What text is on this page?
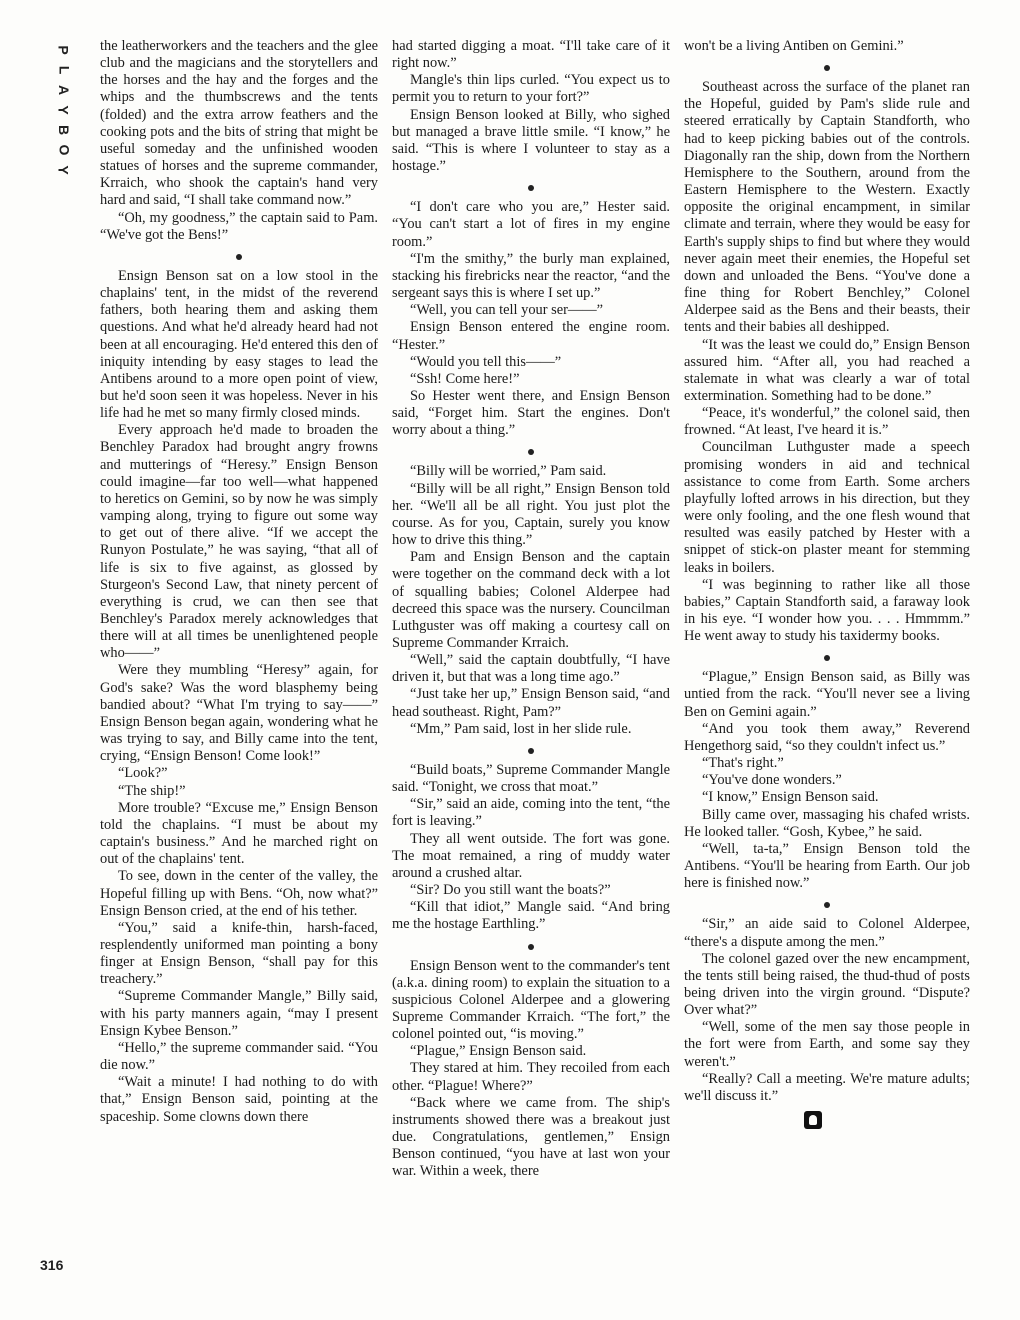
P
L
A
Y
B
O
Y
316

the leatherworkers and the teachers and the glee club and the magicians and the storytellers and the horses and the hay and the forges and the whips and the thumbscrews and the tents (folded) and the extra arrow feathers and the cooking pots and the bits of string that might be useful someday and the unfinished wooden statues of horses and the supreme commander, Krraich, who shook the captain's hand very hard and said, “I shall take command now.”

“Oh, my goodness,” the captain said to Pam. “We've got the Bens!”

Ensign Benson sat on a low stool in the chaplains' tent, in the midst of the reverend fathers, both hearing them and asking them questions. And what he'd already heard had not been at all encouraging. He'd entered this den of iniquity intending by easy stages to lead the Antibens around to a more open point of view, but he'd soon seen it was hopeless. Never in his life had he met so many firmly closed minds.

Every approach he'd made to broaden the Benchley Paradox had brought angry frowns and mutterings of “Heresy.” Ensign Benson could imagine—far too well—what happened to heretics on Gemini, so by now he was simply vamping along, trying to figure out some way to get out of there alive. “If we accept the Runyon Postulate,” he was saying, “that all of life is six to five against, as glossed by Sturgeon's Second Law, that ninety percent of everything is crud, we can then see that Benchley's Paradox merely acknowledges that there will at all times be unenlightened people who——”

Were they mumbling “Heresy” again, for God's sake? Was the word blasphemy being bandied about? “What I'm trying to say——” Ensign Benson began again, wondering what he was trying to say, and Billy came into the tent, crying, “Ensign Benson! Come look!”

“Look?”

“The ship!”

More trouble? “Excuse me,” Ensign Benson told the chaplains. “I must be about my captain's business.” And he marched right on out of the chaplains' tent.

To see, down in the center of the valley, the Hopeful filling up with Bens. “Oh, now what?” Ensign Benson cried, at the end of his tether.

“You,” said a knife-thin, harsh-faced, resplendently uniformed man pointing a bony finger at Ensign Benson, “shall pay for this treachery.”

“Supreme Commander Mangle,” Billy said, with his party manners again, “may I present Ensign Kybee Benson.”

“Hello,” the supreme commander said. “You die now.”

“Wait a minute! I had nothing to do with that,” Ensign Benson said, pointing at the spaceship. Some clowns down there

had started digging a moat. “I'll take care of it right now.”

Mangle's thin lips curled. “You expect us to permit you to return to your fort?”

Ensign Benson looked at Billy, who sighed but managed a brave little smile. “I know,” he said. “This is where I volunteer to stay as a hostage.”

“I don't care who you are,” Hester said. “You can't start a lot of fires in my engine room.”

“I'm the smithy,” the burly man explained, stacking his firebricks near the reactor, “and the sergeant says this is where I set up.”

“Well, you can tell your ser——”

Ensign Benson entered the engine room. “Hester.”

“Would you tell this——”

“Ssh! Come here!”

So Hester went there, and Ensign Benson said, “Forget him. Start the engines. Don't worry about a thing.”

“Billy will be worried,” Pam said.

“Billy will be all right,” Ensign Benson told her. “We'll all be all right. You just plot the course. As for you, Captain, surely you know how to drive this thing.”

Pam and Ensign Benson and the captain were together on the command deck with a lot of squalling babies; Colonel Alderpee had decreed this space was the nursery. Councilman Luthguster was off making a courtesy call on Supreme Commander Krraich.

“Well,” said the captain doubtfully, “I have driven it, but that was a long time ago.”

“Just take her up,” Ensign Benson said, “and head southeast. Right, Pam?”

“Mm,” Pam said, lost in her slide rule.

“Build boats,” Supreme Commander Mangle said. “Tonight, we cross that moat.”

“Sir,” said an aide, coming into the tent, “the fort is leaving.”

They all went outside. The fort was gone. The moat remained, a ring of muddy water around a crushed altar.

“Sir? Do you still want the boats?”

“Kill that idiot,” Mangle said. “And bring me the hostage Earthling.”

Ensign Benson went to the commander's tent (a.k.a. dining room) to explain the situation to a suspicious Colonel Alderpee and a glowering Supreme Commander Krraich. “The fort,” the colonel pointed out, “is moving.”

“Plague,” Ensign Benson said.

They stared at him. They recoiled from each other. “Plague! Where?”

“Back where we came from. The ship's instruments showed there was a breakout just due. Congratulations, gentlemen,” Ensign Benson continued, “you have at last won your war. Within a week, there

won't be a living Antiben on Gemini.”

Southeast across the surface of the planet ran the Hopeful, guided by Pam's slide rule and steered erratically by Captain Standforth, who had to keep picking babies out of the controls. Diagonally ran the ship, down from the Northern Hemisphere to the Southern, around from the Eastern Hemisphere to the Western. Exactly opposite the original encampment, in similar climate and terrain, where they would be easy for Earth's supply ships to find but where they would never again meet their enemies, the Hopeful set down and unloaded the Bens. “You've done a fine thing for Robert Benchley,” Colonel Alderpee said as the Bens and their beasts, their tents and their babies all deshipped.

“It was the least we could do,” Ensign Benson assured him. “After all, you had reached a stalemate in what was clearly a war of total extermination. Something had to be done.”

“Peace, it's wonderful,” the colonel said, then frowned. “At least, I've heard it is.”

Councilman Luthguster made a speech promising wonders in aid and technical assistance to come from Earth. Some archers playfully lofted arrows in his direction, but they were only fooling, and the one flesh wound that resulted was easily patched by Hester with a snippet of stick-on plaster meant for stemming leaks in boilers.

“I was beginning to rather like all those babies,” Captain Standforth said, a faraway look in his eye. “I wonder how you. . . . Hmmmm.” He went away to study his taxidermy books.

“Plague,” Ensign Benson said, as Billy was untied from the rack. “You'll never see a living Ben on Gemini again.”

“And you took them away,” Reverend Hengethorg said, “so they couldn't infect us.”

“That's right.”

“You've done wonders.”

“I know,” Ensign Benson said.

Billy came over, massaging his chafed wrists. He looked taller. “Gosh, Kybee,” he said.

“Well, ta-ta,” Ensign Benson told the Antibens. “You'll be hearing from Earth. Our job here is finished now.”

“Sir,” an aide said to Colonel Alderpee, “there's a dispute among the men.”

The colonel gazed over the new encampment, the tents still being raised, the thud-thud of posts being driven into the virgin ground. “Dispute? Over what?”

“Well, some of the men say those people in the fort were from Earth, and some say they weren't.”

“Really? Call a meeting. We're mature adults; we'll discuss it.”
